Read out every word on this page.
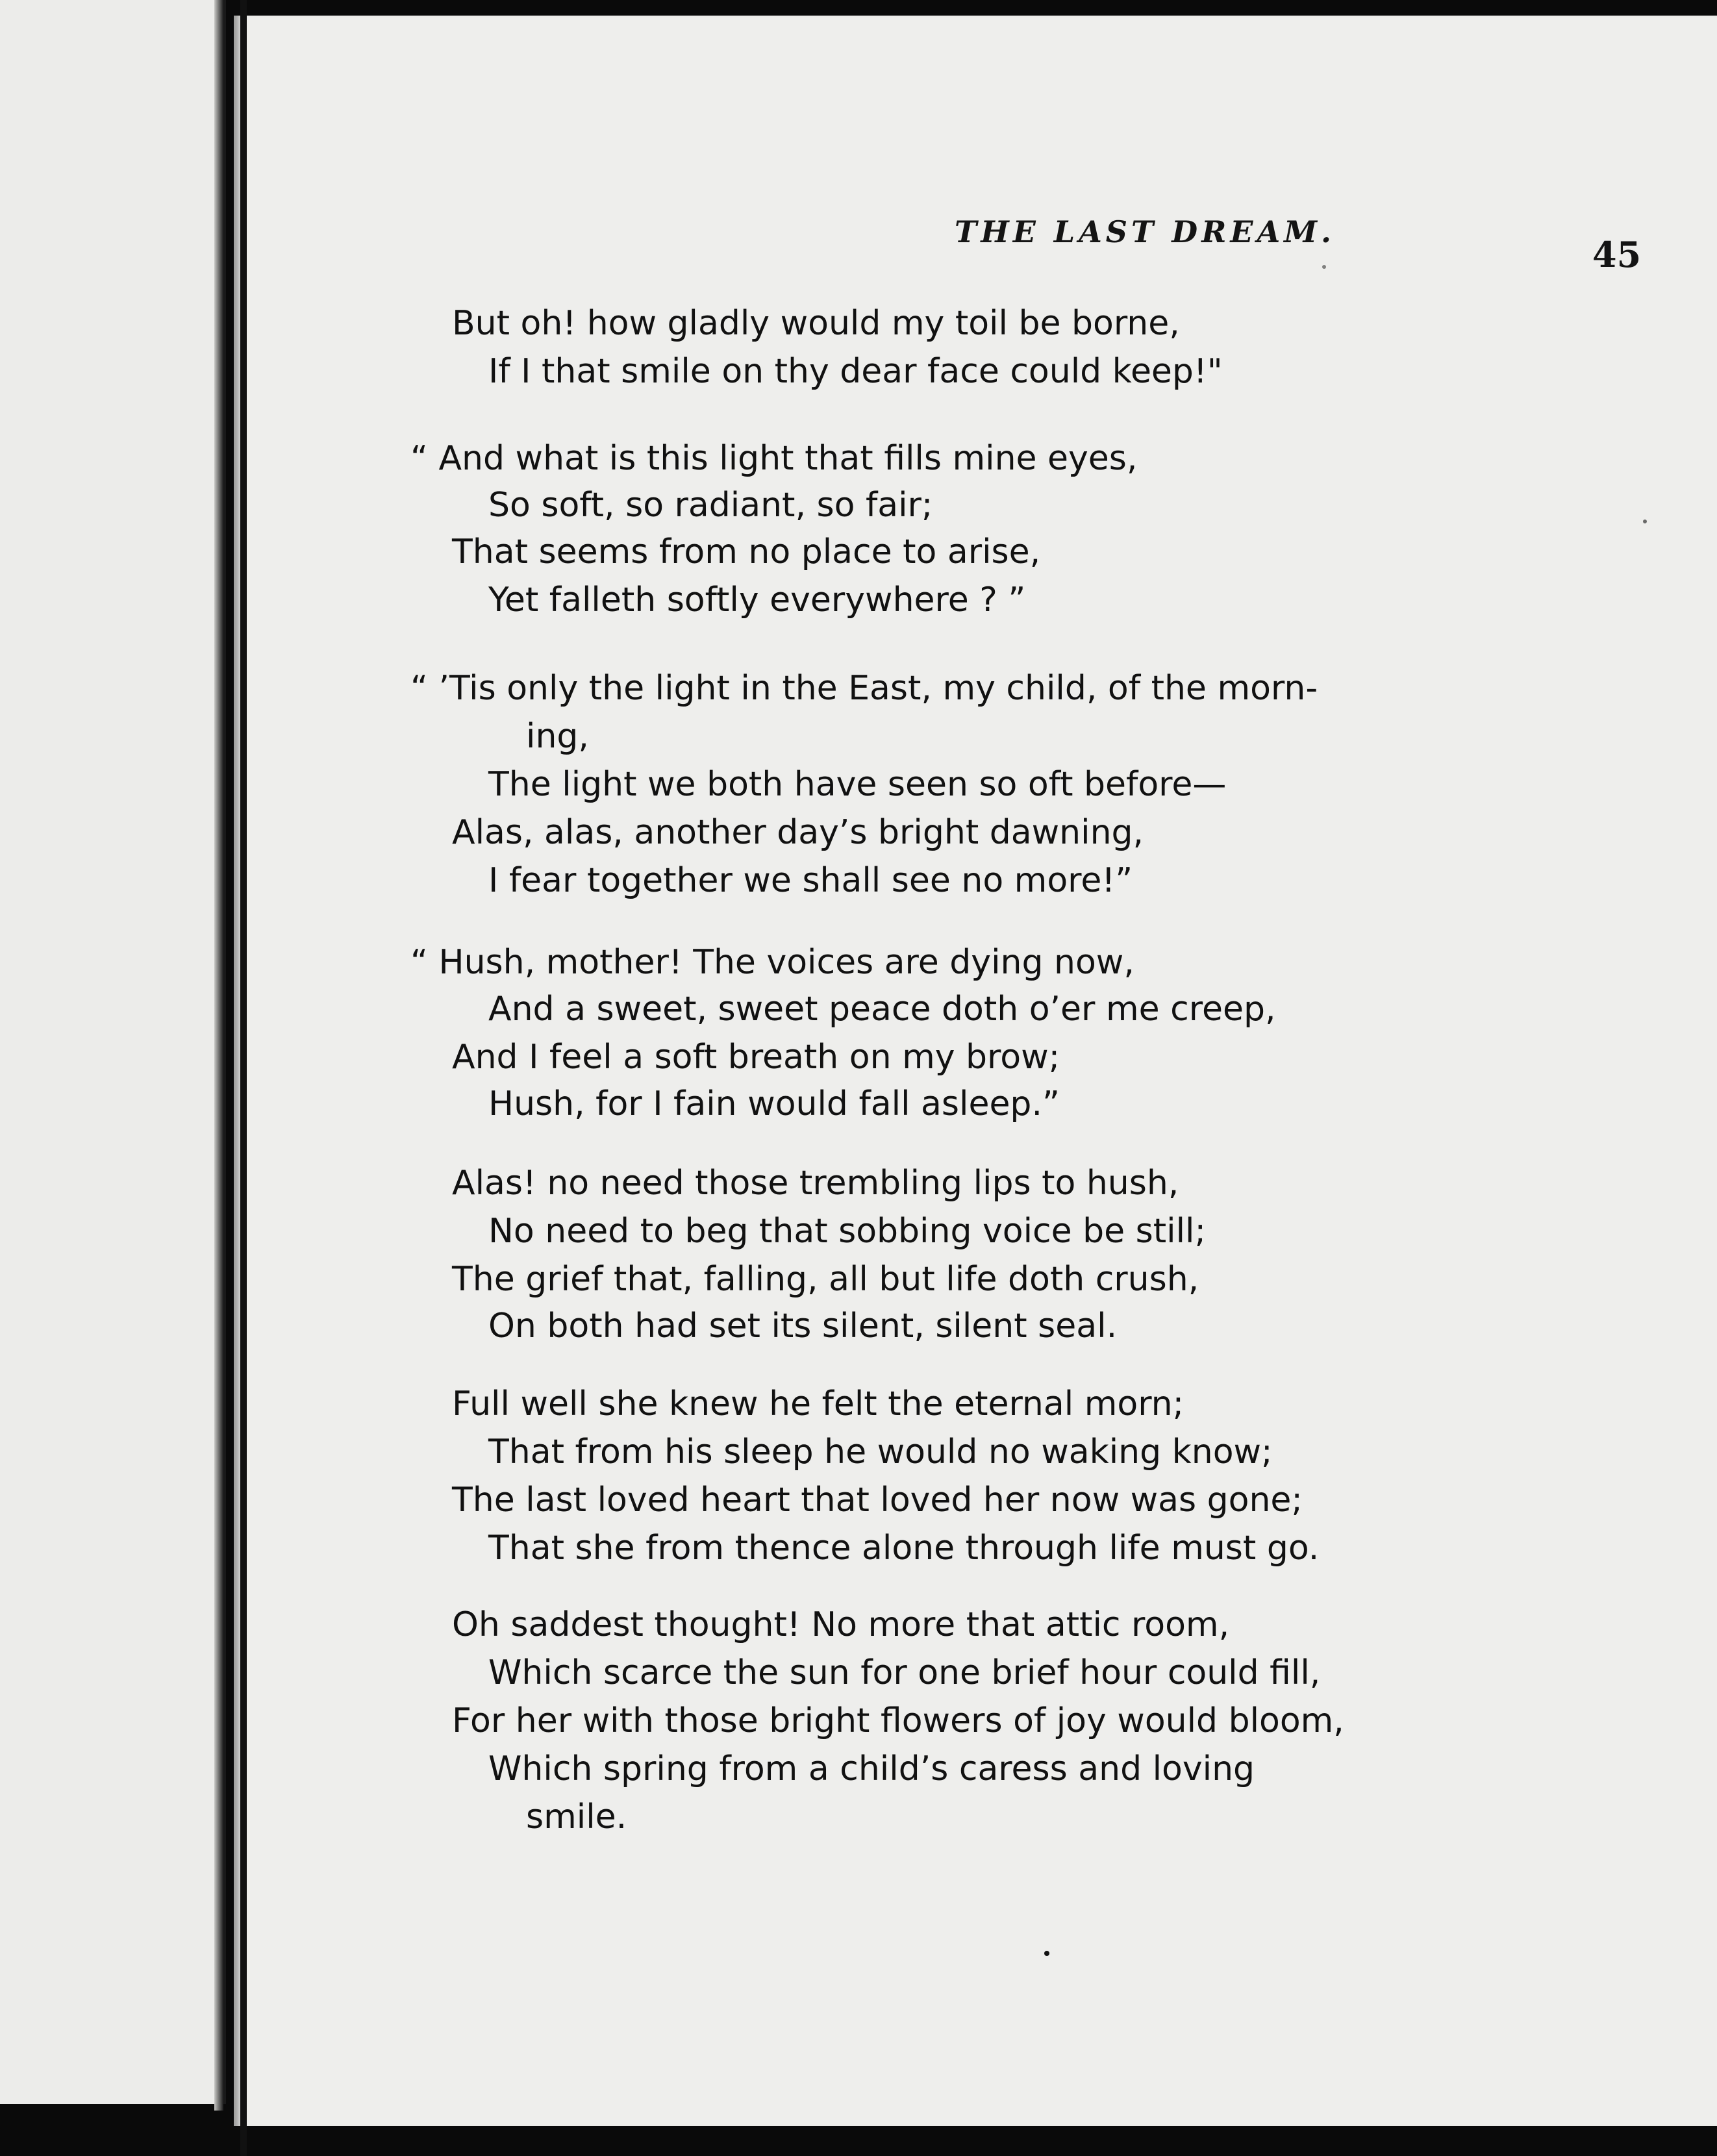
THE LAST DREAM.
45
But oh! how gladly would my toil be borne,
If I that smile on thy dear face could keep!"
“ And what is this light that fills mine eyes,
So soft, so radiant, so fair;
That seems from no place to arise,
Yet falleth softly everywhere ? ”
“ ’Tis only the light in the East, my child, of the morn-
ing,
The light we both have seen so oft before—
Alas, alas, another day’s bright dawning,
I fear together we shall see no more!”
“ Hush, mother! The voices are dying now,
And a sweet, sweet peace doth o’er me creep,
And I feel a soft breath on my brow;
Hush, for I fain would fall asleep.”
Alas! no need those trembling lips to hush,
No need to beg that sobbing voice be still;
The grief that, falling, all but life doth crush,
On both had set its silent, silent seal.
Full well she knew he felt the eternal morn;
That from his sleep he would no waking know;
The last loved heart that loved her now was gone;
That she from thence alone through life must go.
Oh saddest thought! No more that attic room,
Which scarce the sun for one brief hour could fill,
For her with those bright flowers of joy would bloom,
Which spring from a child’s caress and loving
smile.
